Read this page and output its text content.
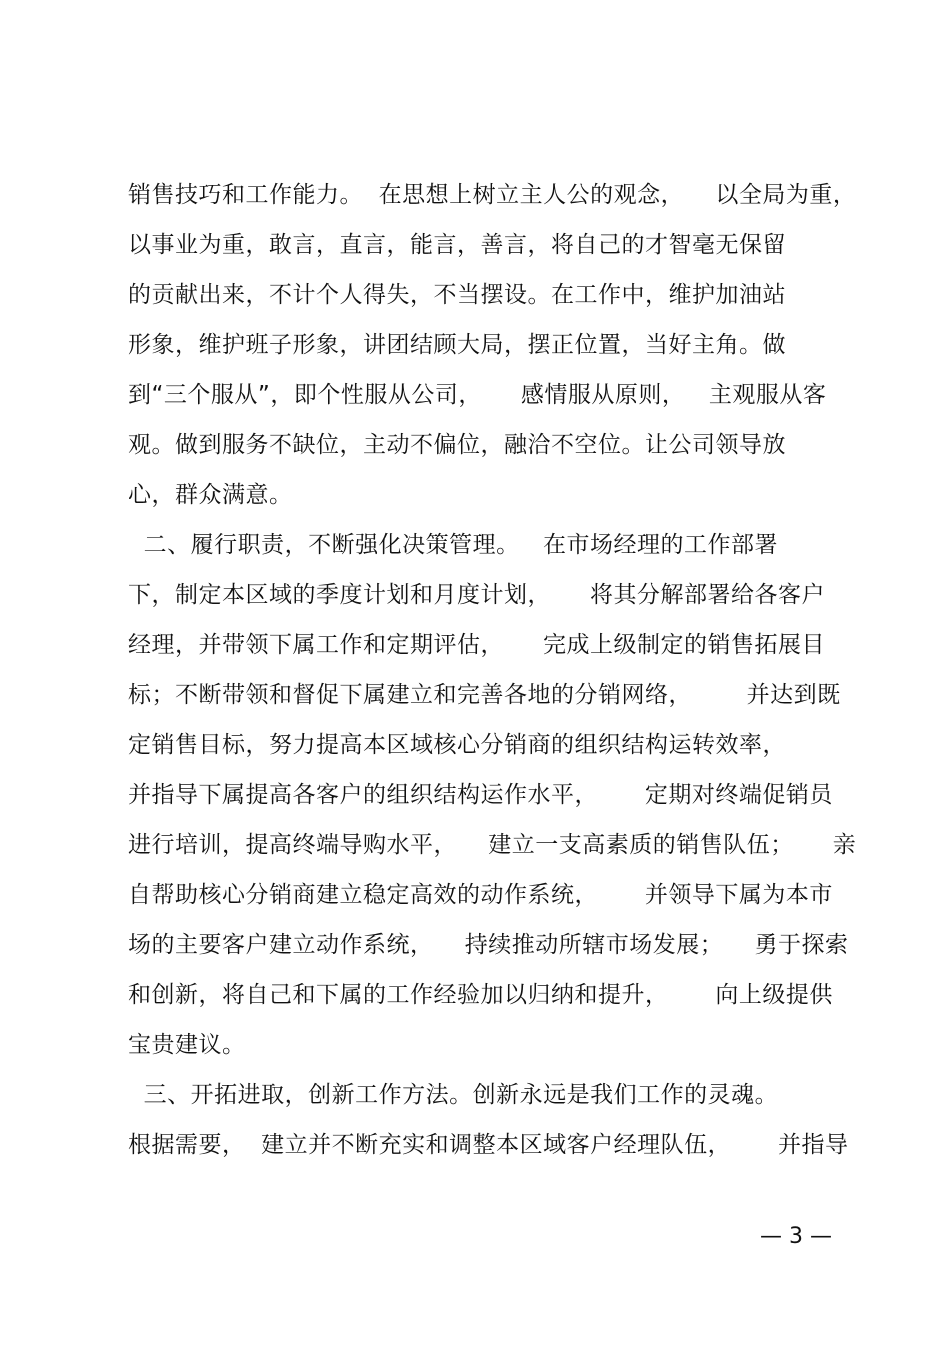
销售技巧和工作能力。  在思想上树立主人公的观念，    以全局为重，
以事业为重，敢言，直言，能言，善言，将自己的才智毫无保留
的贡献出来，不计个人得失，不当摆设。在工作中，维护加油站
形象，维护班子形象，讲团结顾大局，摆正位置，当好主角。做
到“三个服从”，即个性服从公司，     感情服从原则，   主观服从客
观。做到服务不缺位，主动不偏位，融洽不空位。让公司领导放
心，群众满意。
二、履行职责，不断强化决策管理。   在市场经理的工作部署
下，制定本区域的季度计划和月度计划，     将其分解部署给各客户
经理，并带领下属工作和定期评估，     完成上级制定的销售拓展目
标；不断带领和督促下属建立和完善各地的分销网络，       并达到既
定销售目标，努力提高本区域核心分销商的组织结构运转效率，
并指导下属提高各客户的组织结构运作水平，      定期对终端促销员
进行培训，提高终端导购水平，    建立一支高素质的销售队伍；     亲
自帮助核心分销商建立稳定高效的动作系统，      并领导下属为本市
场的主要客户建立动作系统，    持续推动所辖市场发展；    勇于探索
和创新，将自己和下属的工作经验加以归纳和提升，      向上级提供
宝贵建议。
三、开拓进取，创新工作方法。创新永远是我们工作的灵魂。
根据需要，  建立并不断充实和调整本区域客户经理队伍，      并指导
— 3 —
